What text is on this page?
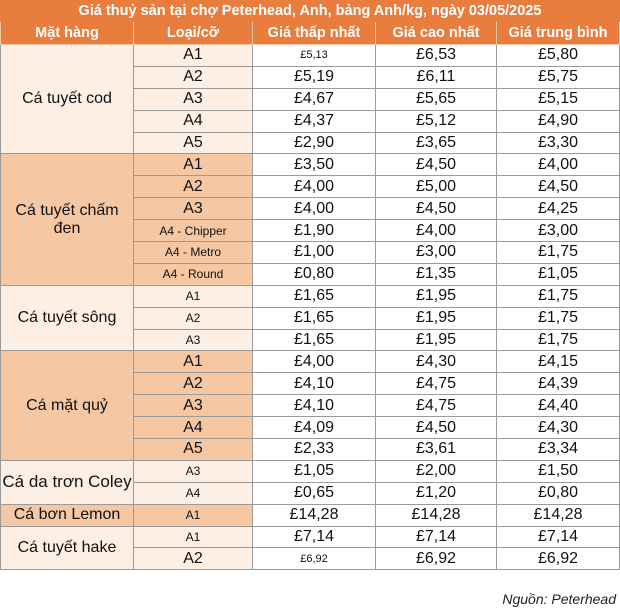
Giá thuỷ sản tại chợ Peterhead, Anh, bảng Anh/kg, ngày 03/05/2025				
Mặt hàng	Loại/cỡ	Giá thấp nhất	Giá cao nhất	Giá trung bình
Cá tuyết cod	A1	£5,13	£6,53	£5,80
	A2	£5,19	£6,11	£5,75
	A3	£4,67	£5,65	£5,15
	A4	£4,37	£5,12	£4,90
	A5	£2,90	£3,65	£3,30
Cá tuyết chấm đen	A1	£3,50	£4,50	£4,00
	A2	£4,00	£5,00	£4,50
	A3	£4,00	£4,50	£4,25
	A4 - Chipper	£1,90	£4,00	£3,00
	A4 - Metro	£1,00	£3,00	£1,75
	A4 - Round	£0,80	£1,35	£1,05
Cá tuyết sông	A1	£1,65	£1,95	£1,75
	A2	£1,65	£1,95	£1,75
	A3	£1,65	£1,95	£1,75
Cá mặt quỷ	A1	£4,00	£4,30	£4,15
	A2	£4,10	£4,75	£4,39
	A3	£4,10	£4,75	£4,40
	A4	£4,09	£4,50	£4,30
	A5	£2,33	£3,61	£3,34
Cá da trơn Coley	A3	£1,05	£2,00	£1,50
	A4	£0,65	£1,20	£0,80
Cá bơn Lemon	A1	£14,28	£14,28	£14,28
Cá tuyết hake	A1	£7,14	£7,14	£7,14
	A2	£6,92	£6,92	£6,92
Nguồn: Peterhead
